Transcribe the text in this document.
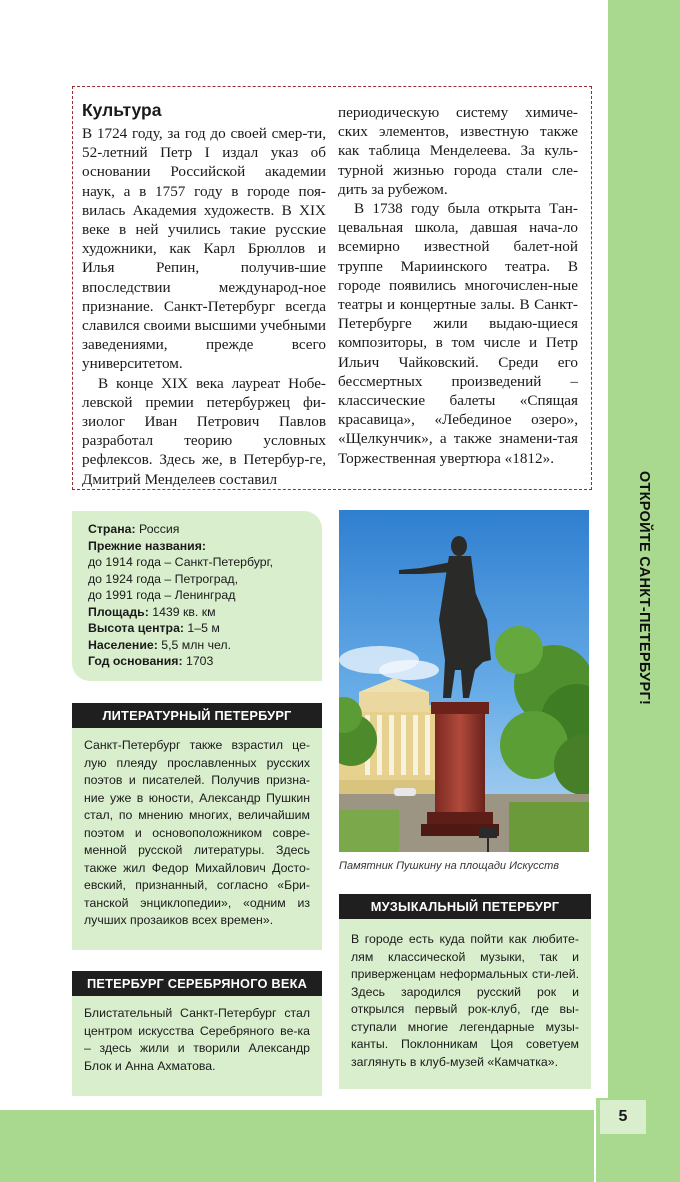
ОТКРОЙТЕ САНКТ-ПЕТЕРБУРГ!
5
Культура

В 1724 году, за год до своей смер-ти, 52-летний Петр I издал указ об основании Российской академии наук, а в 1757 году в городе поя-вилась Академия художеств. В XIX веке в ней учились такие русские художники, как Карл Брюллов и Илья Репин, получив-шие впоследствии международ-ное признание. Санкт-Петербург всегда славился своими высшими учебными заведениями, прежде всего университетом.

В конце XIX века лауреат Нобе-левской премии петербуржец фи-зиолог Иван Петрович Павлов разработал теорию условных рефлексов. Здесь же, в Петербур-ге, Дмитрий Менделеев составил

периодическую систему химиче-ских элементов, известную также как таблица Менделеева. За куль-турной жизнью города стали сле-дить за рубежом.

В 1738 году была открыта Тан-цевальная школа, давшая нача-ло всемирно известной балет-ной труппе Мариинского театра. В городе появились многочислен-ные театры и концертные залы. В Санкт-Петербурге жили выдаю-щиеся композиторы, в том числе и Петр Ильич Чайковский. Среди его бессмертных произведений – классические балеты «Спящая красавица», «Лебединое озеро», «Щелкунчик», а также знамени-тая Торжественная увертюра «1812».

Страна: Россия
Прежние названия:
до 1914 года – Санкт-Петербург,
до 1924 года – Петроград,
до 1991 года – Ленинград
Площадь: 1439 кв. км
Высота центра: 1–5 м
Население: 5,5 млн чел.
Год основания: 1703
ЛИТЕРАТУРНЫЙ ПЕТЕРБУРГ
Санкт-Петербург также взрастил це-лую плеяду прославленных русских поэтов и писателей. Получив призна-ние уже в юности, Александр Пушкин стал, по мнению многих, величайшим поэтом и основоположником совре-менной русской литературы. Здесь также жил Федор Михайлович Досто-евский, признанный, согласно «Бри-танской энциклопедии», «одним из лучших прозаиков всех времен».
ПЕТЕРБУРГ СЕРЕБРЯНОГО ВЕКА
Блистательный Санкт-Петербург стал центром искусства Серебряного ве-ка – здесь жили и творили Александр Блок и Анна Ахматова.
Памятник Пушкину на площади Искусств
МУЗЫКАЛЬНЫЙ ПЕТЕРБУРГ
В городе есть куда пойти как любите-лям классической музыки, так и приверженцам неформальных сти-лей. Здесь зародился русский рок и открылся первый рок-клуб, где вы-ступали многие легендарные музы-канты. Поклонникам Цоя советуем заглянуть в клуб-музей «Камчатка».
